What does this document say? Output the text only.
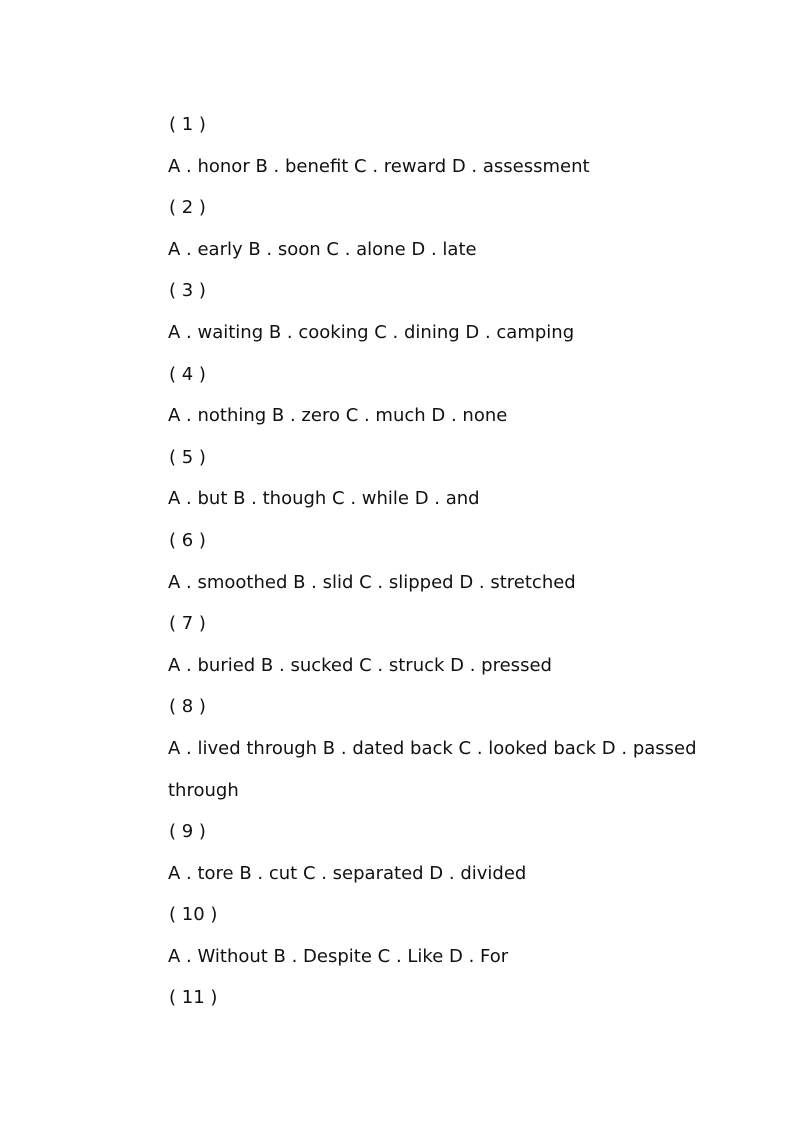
( 1 )
A . honor B . benefit C . reward D . assessment
( 2 )
A . early B . soon C . alone D . late
( 3 )
A . waiting B . cooking C . dining D . camping
( 4 )
A . nothing B . zero C . much D . none
( 5 )
A . but B . though C . while D . and
( 6 )
A . smoothed B . slid C . slipped D . stretched
( 7 )
A . buried B . sucked C . struck D . pressed
( 8 )
A . lived through B . dated back C . looked back D . passed through
( 9 )
A . tore B . cut C . separated D . divided
( 10 )
A . Without B . Despite C . Like D . For
( 11 )
